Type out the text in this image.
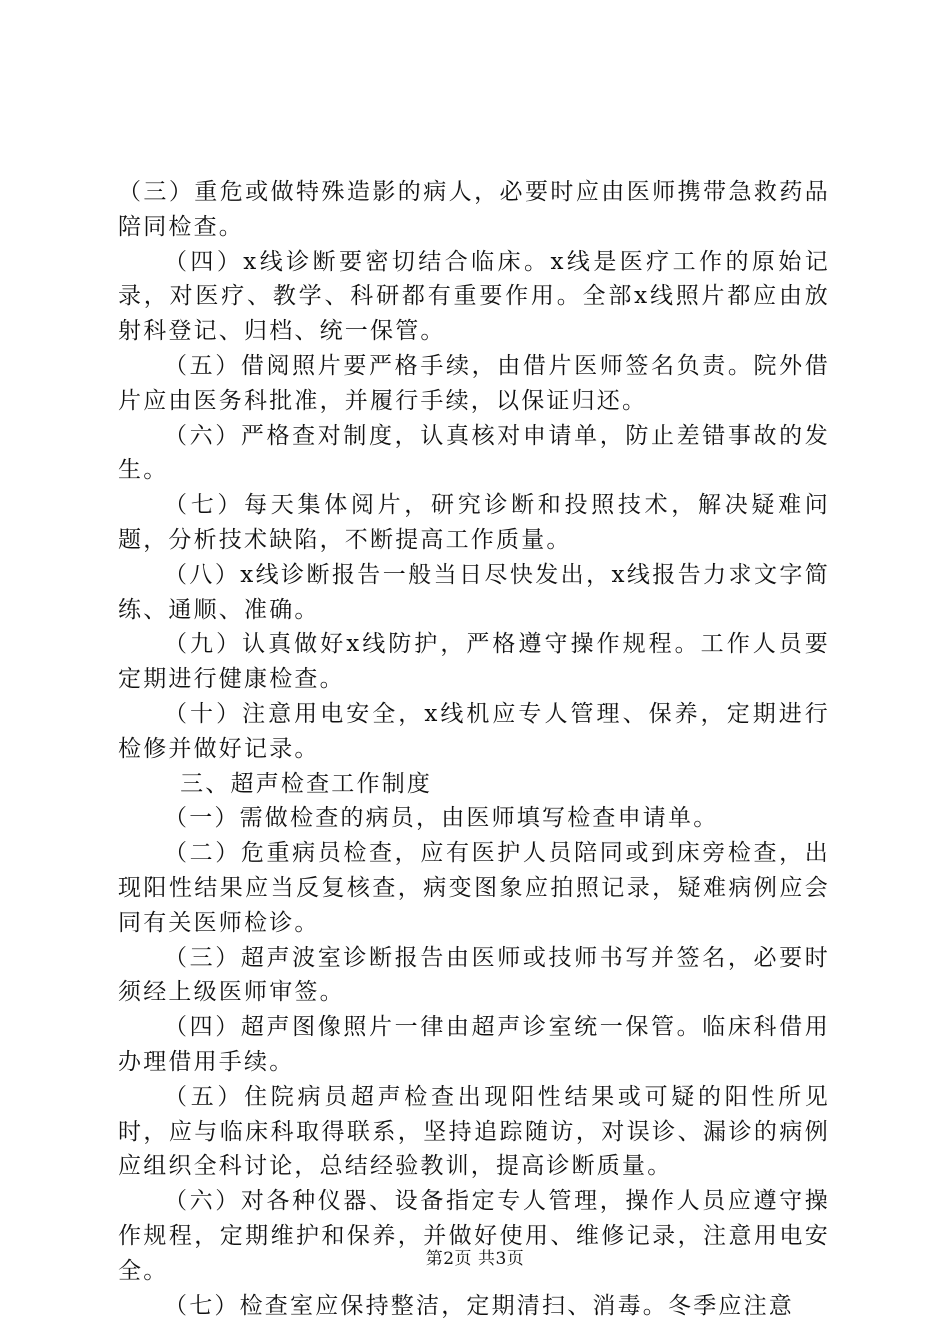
（三）重危或做特殊造影的病人，必要时应由医师携带急救药品陪同检查。

（四）x线诊断要密切结合临床。x线是医疗工作的原始记录，对医疗、教学、科研都有重要作用。全部x线照片都应由放射科登记、归档、统一保管。

（五）借阅照片要严格手续，由借片医师签名负责。院外借片应由医务科批准，并履行手续，以保证归还。

（六）严格查对制度，认真核对申请单，防止差错事故的发生。

（七）每天集体阅片，研究诊断和投照技术，解决疑难问题，分析技术缺陷，不断提高工作质量。

（八）x线诊断报告一般当日尽快发出，x线报告力求文字简练、通顺、准确。

（九）认真做好x线防护，严格遵守操作规程。工作人员要定期进行健康检查。

（十）注意用电安全，x线机应专人管理、保养，定期进行检修并做好记录。

三、超声检查工作制度

（一）需做检查的病员，由医师填写检查申请单。

（二）危重病员检查，应有医护人员陪同或到床旁检查，出现阳性结果应当反复核查，病变图象应拍照记录，疑难病例应会同有关医师检诊。

（三）超声波室诊断报告由医师或技师书写并签名，必要时须经上级医师审签。

（四）超声图像照片一律由超声诊室统一保管。临床科借用办理借用手续。

（五）住院病员超声检查出现阳性结果或可疑的阳性所见时，应与临床科取得联系，坚持追踪随访，对误诊、漏诊的病例应组织全科讨论，总结经验教训，提高诊断质量。

（六）对各种仪器、设备指定专人管理，操作人员应遵守操作规程，定期维护和保养，并做好使用、维修记录，注意用电安全。

（七）检查室应保持整洁，定期清扫、消毒。冬季应注意

第2页 共3页
